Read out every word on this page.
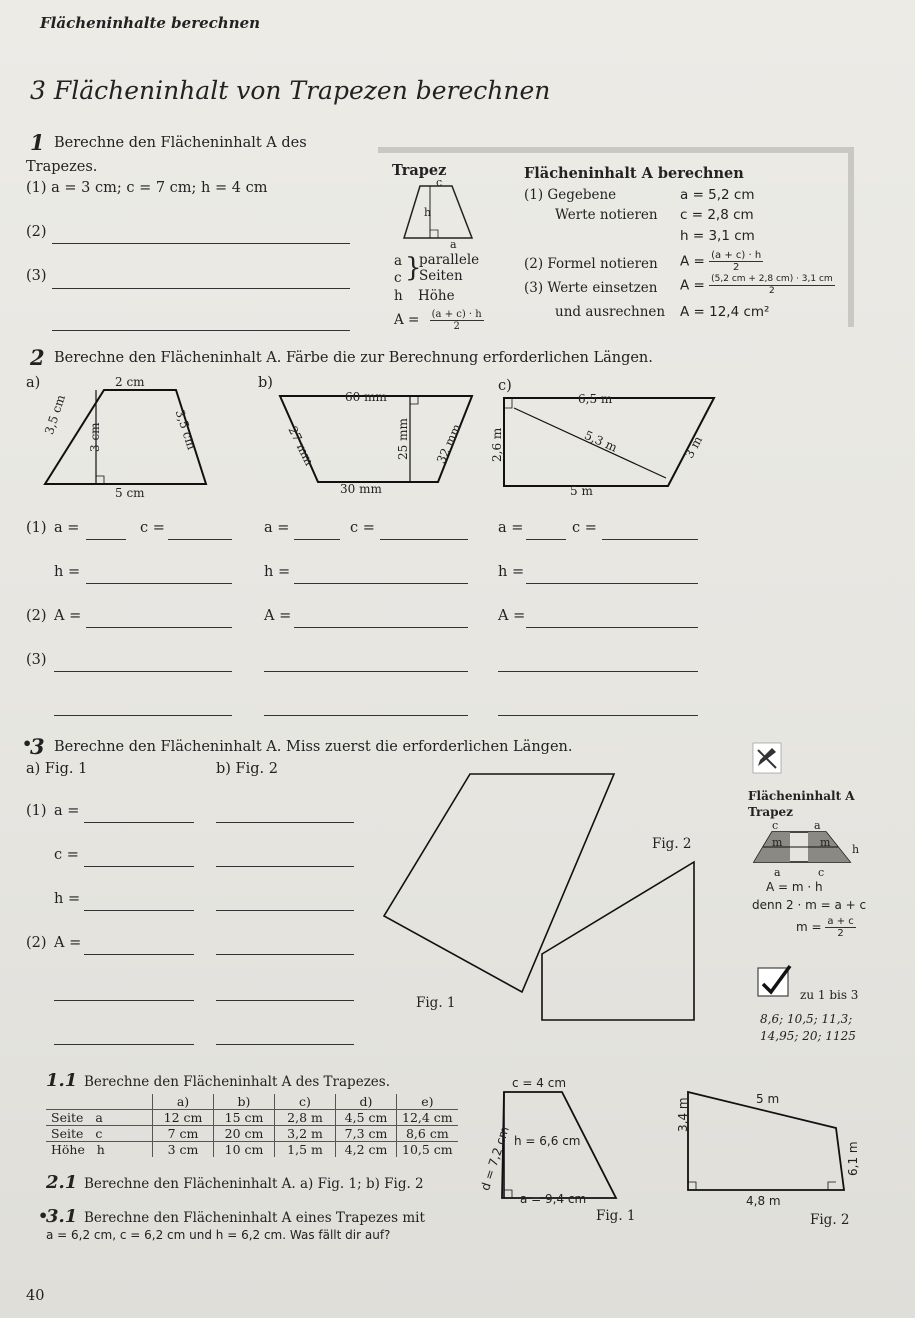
Flächeninhalte berechnen
3 Flächeninhalt von Trapezen berechnen
1 Berechne den Flächeninhalt A des
Trapezes.
(1) a = 3 cm; c = 7 cm; h = 4 cm
(2)
(3)
Trapez
c
h
a
a
c }
parallele
Seiten
h Höhe
$A = \frac{(a + c) \cdot h}{2}$
Flächeninhalt A berechnen
(1) Gegebene
Werte notieren
a = 5,2 cm
c = 2,8 cm
h = 3,1 cm
(2) Formel notieren $A = \frac{(a + c) \cdot h}{2}$
(3) Werte einsetzen $A = \frac{(5,2 cm + 2,8 cm) \cdot 3,1 cm}{2}$
und ausrechnen A = 12,4 cm²
2 Berechne den Flächeninhalt A. Färbe die zur Berechnung erforderlichen Längen.
a)	b)	c)
2 cm
3,5 cm
3 cm	3,5 cm
5 cm
60 mm
27 mm	25 mm 32 mm
30 mm
6,5 m
2,6 m	5,3 m	3 m
5 m
(1) a =	c =	a =	c =	a =	c =
h =	h =	h =
(2) A =	A =	A =
(3)
•
3 Berechne den Flächeninhalt A. Miss zuerst die erforderlichen Längen.
a) Fig. 1	b) Fig. 2
(1) a =
c =
h =
(2) A =
Fig. 1
Fig. 2
Flächeninhalt A
Trapez
c	a
m	m
h
a	c
A = m · h
denn 2 · m = a + c
$m = \frac{a + c}{2}$
zu 1 bis 3
8,6; 10,5; 11,3;
14,95; 20; 1125
1.1 Berechne den Flächeninhalt A des Trapezes.
	a)	b)	c)	d)	e)
Seite a	12 cm	15 cm	2,8 m	4,5 cm	12,4 cm
Seite c	7 cm	20 cm	3,2 m	7,3 cm	8,6 cm
Höhe h	3 cm	10 cm	1,5 m	4,2 cm	10,5 cm
2.1 Berechne den Flächeninhalt A. a) Fig. 1; b) Fig. 2
•
3.1 Berechne den Flächeninhalt A eines Trapezes mit
a = 6,2 cm, c = 6,2 cm und h = 6,2 cm. Was fällt dir auf?
c = 4 cm
d = 7,2 cm h = 6,6 cm
a = 9,4 cm
Fig. 1
5 m
3,4 m
6,1 m
4,8 m
Fig. 2
40
